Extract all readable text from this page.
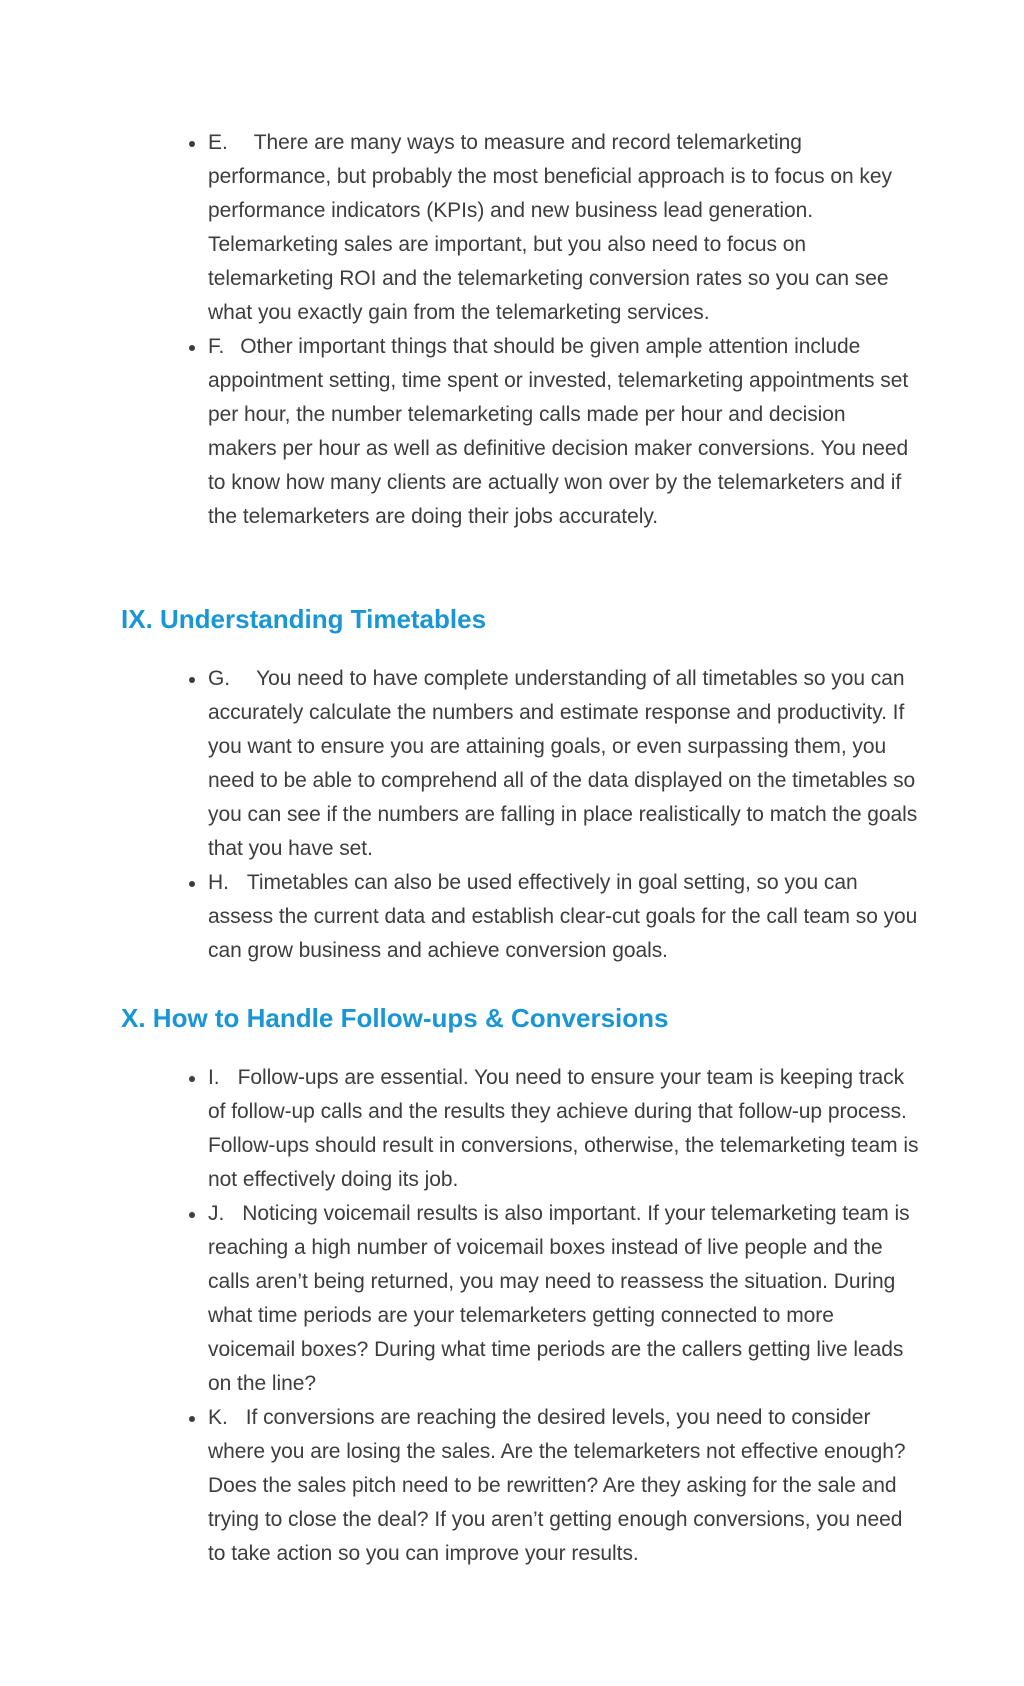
E. There are many ways to measure and record telemarketing performance, but probably the most beneficial approach is to focus on key performance indicators (KPIs) and new business lead generation. Telemarketing sales are important, but you also need to focus on telemarketing ROI and the telemarketing conversion rates so you can see what you exactly gain from the telemarketing services.
F. Other important things that should be given ample attention include appointment setting, time spent or invested, telemarketing appointments set per hour, the number telemarketing calls made per hour and decision makers per hour as well as definitive decision maker conversions. You need to know how many clients are actually won over by the telemarketers and if the telemarketers are doing their jobs accurately.
IX. Understanding Timetables
G. You need to have complete understanding of all timetables so you can accurately calculate the numbers and estimate response and productivity. If you want to ensure you are attaining goals, or even surpassing them, you need to be able to comprehend all of the data displayed on the timetables so you can see if the numbers are falling in place realistically to match the goals that you have set.
H. Timetables can also be used effectively in goal setting, so you can assess the current data and establish clear-cut goals for the call team so you can grow business and achieve conversion goals.
X. How to Handle Follow-ups & Conversions
I. Follow-ups are essential. You need to ensure your team is keeping track of follow-up calls and the results they achieve during that follow-up process. Follow-ups should result in conversions, otherwise, the telemarketing team is not effectively doing its job.
J. Noticing voicemail results is also important. If your telemarketing team is reaching a high number of voicemail boxes instead of live people and the calls aren’t being returned, you may need to reassess the situation. During what time periods are your telemarketers getting connected to more voicemail boxes? During what time periods are the callers getting live leads on the line?
K. If conversions are reaching the desired levels, you need to consider where you are losing the sales. Are the telemarketers not effective enough? Does the sales pitch need to be rewritten? Are they asking for the sale and trying to close the deal? If you aren’t getting enough conversions, you need to take action so you can improve your results.
